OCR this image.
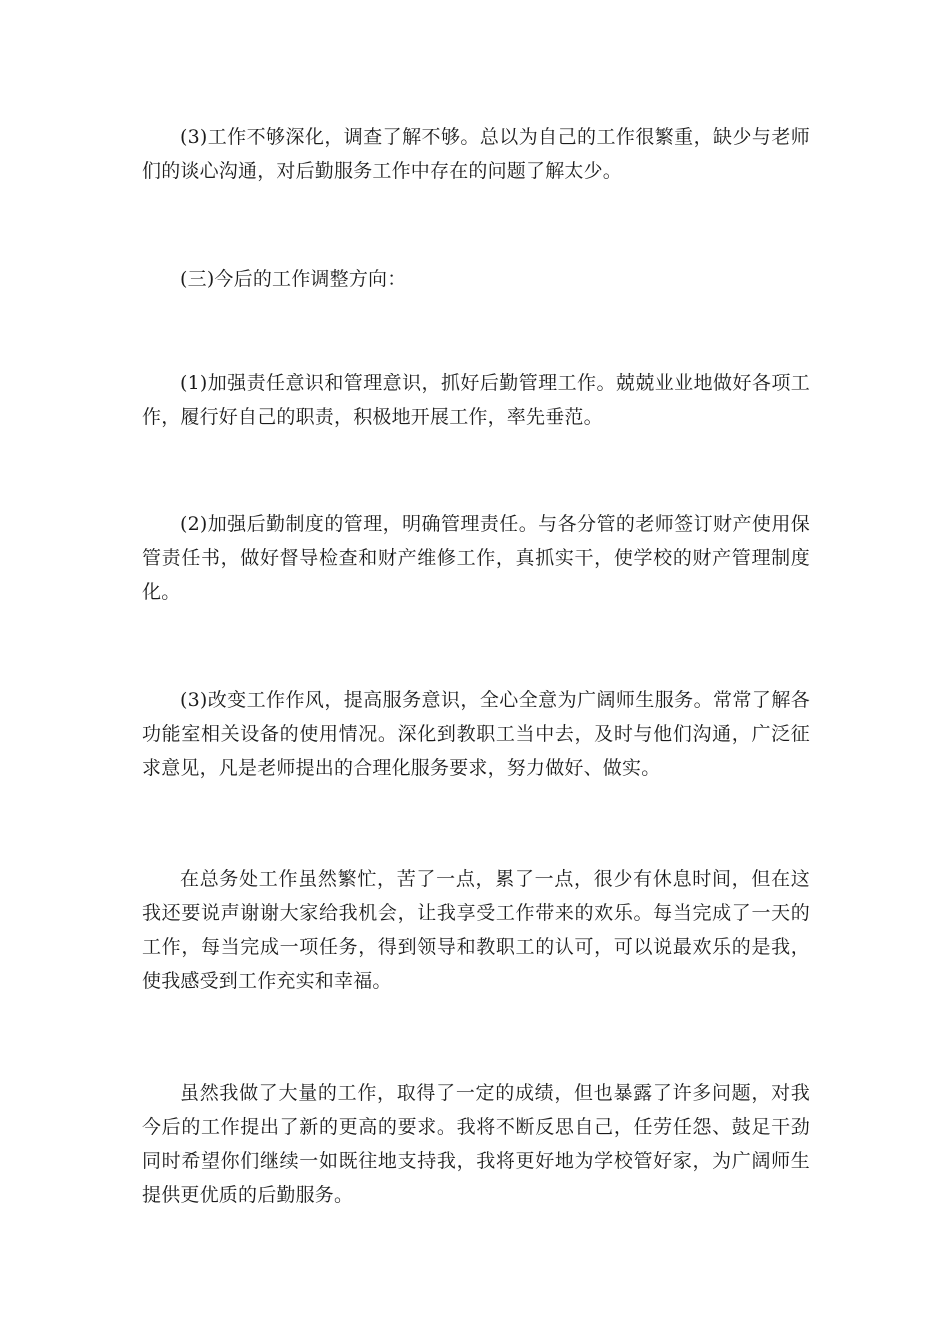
(3)工作不够深化，调查了解不够。总以为自己的工作很繁重，缺少与老师们的谈心沟通，对后勤服务工作中存在的问题了解太少。

(三)今后的工作调整方向：

(1)加强责任意识和管理意识，抓好后勤管理工作。兢兢业业地做好各项工作，履行好自己的职责，积极地开展工作，率先垂范。

(2)加强后勤制度的管理，明确管理责任。与各分管的老师签订财产使用保管责任书，做好督导检查和财产维修工作，真抓实干，使学校的财产管理制度化。

(3)改变工作作风，提高服务意识，全心全意为广阔师生服务。常常了解各功能室相关设备的使用情况。深化到教职工当中去，及时与他们沟通，广泛征求意见，凡是老师提出的合理化服务要求，努力做好、做实。

在总务处工作虽然繁忙，苦了一点，累了一点，很少有休息时间，但在这我还要说声谢谢大家给我机会，让我享受工作带来的欢乐。每当完成了一天的工作，每当完成一项任务，得到领导和教职工的认可，可以说最欢乐的是我，使我感受到工作充实和幸福。

虽然我做了大量的工作，取得了一定的成绩，但也暴露了许多问题，对我今后的工作提出了新的更高的要求。我将不断反思自己，任劳任怨、鼓足干劲同时希望你们继续一如既往地支持我，我将更好地为学校管好家，为广阔师生提供更优质的后勤服务。
